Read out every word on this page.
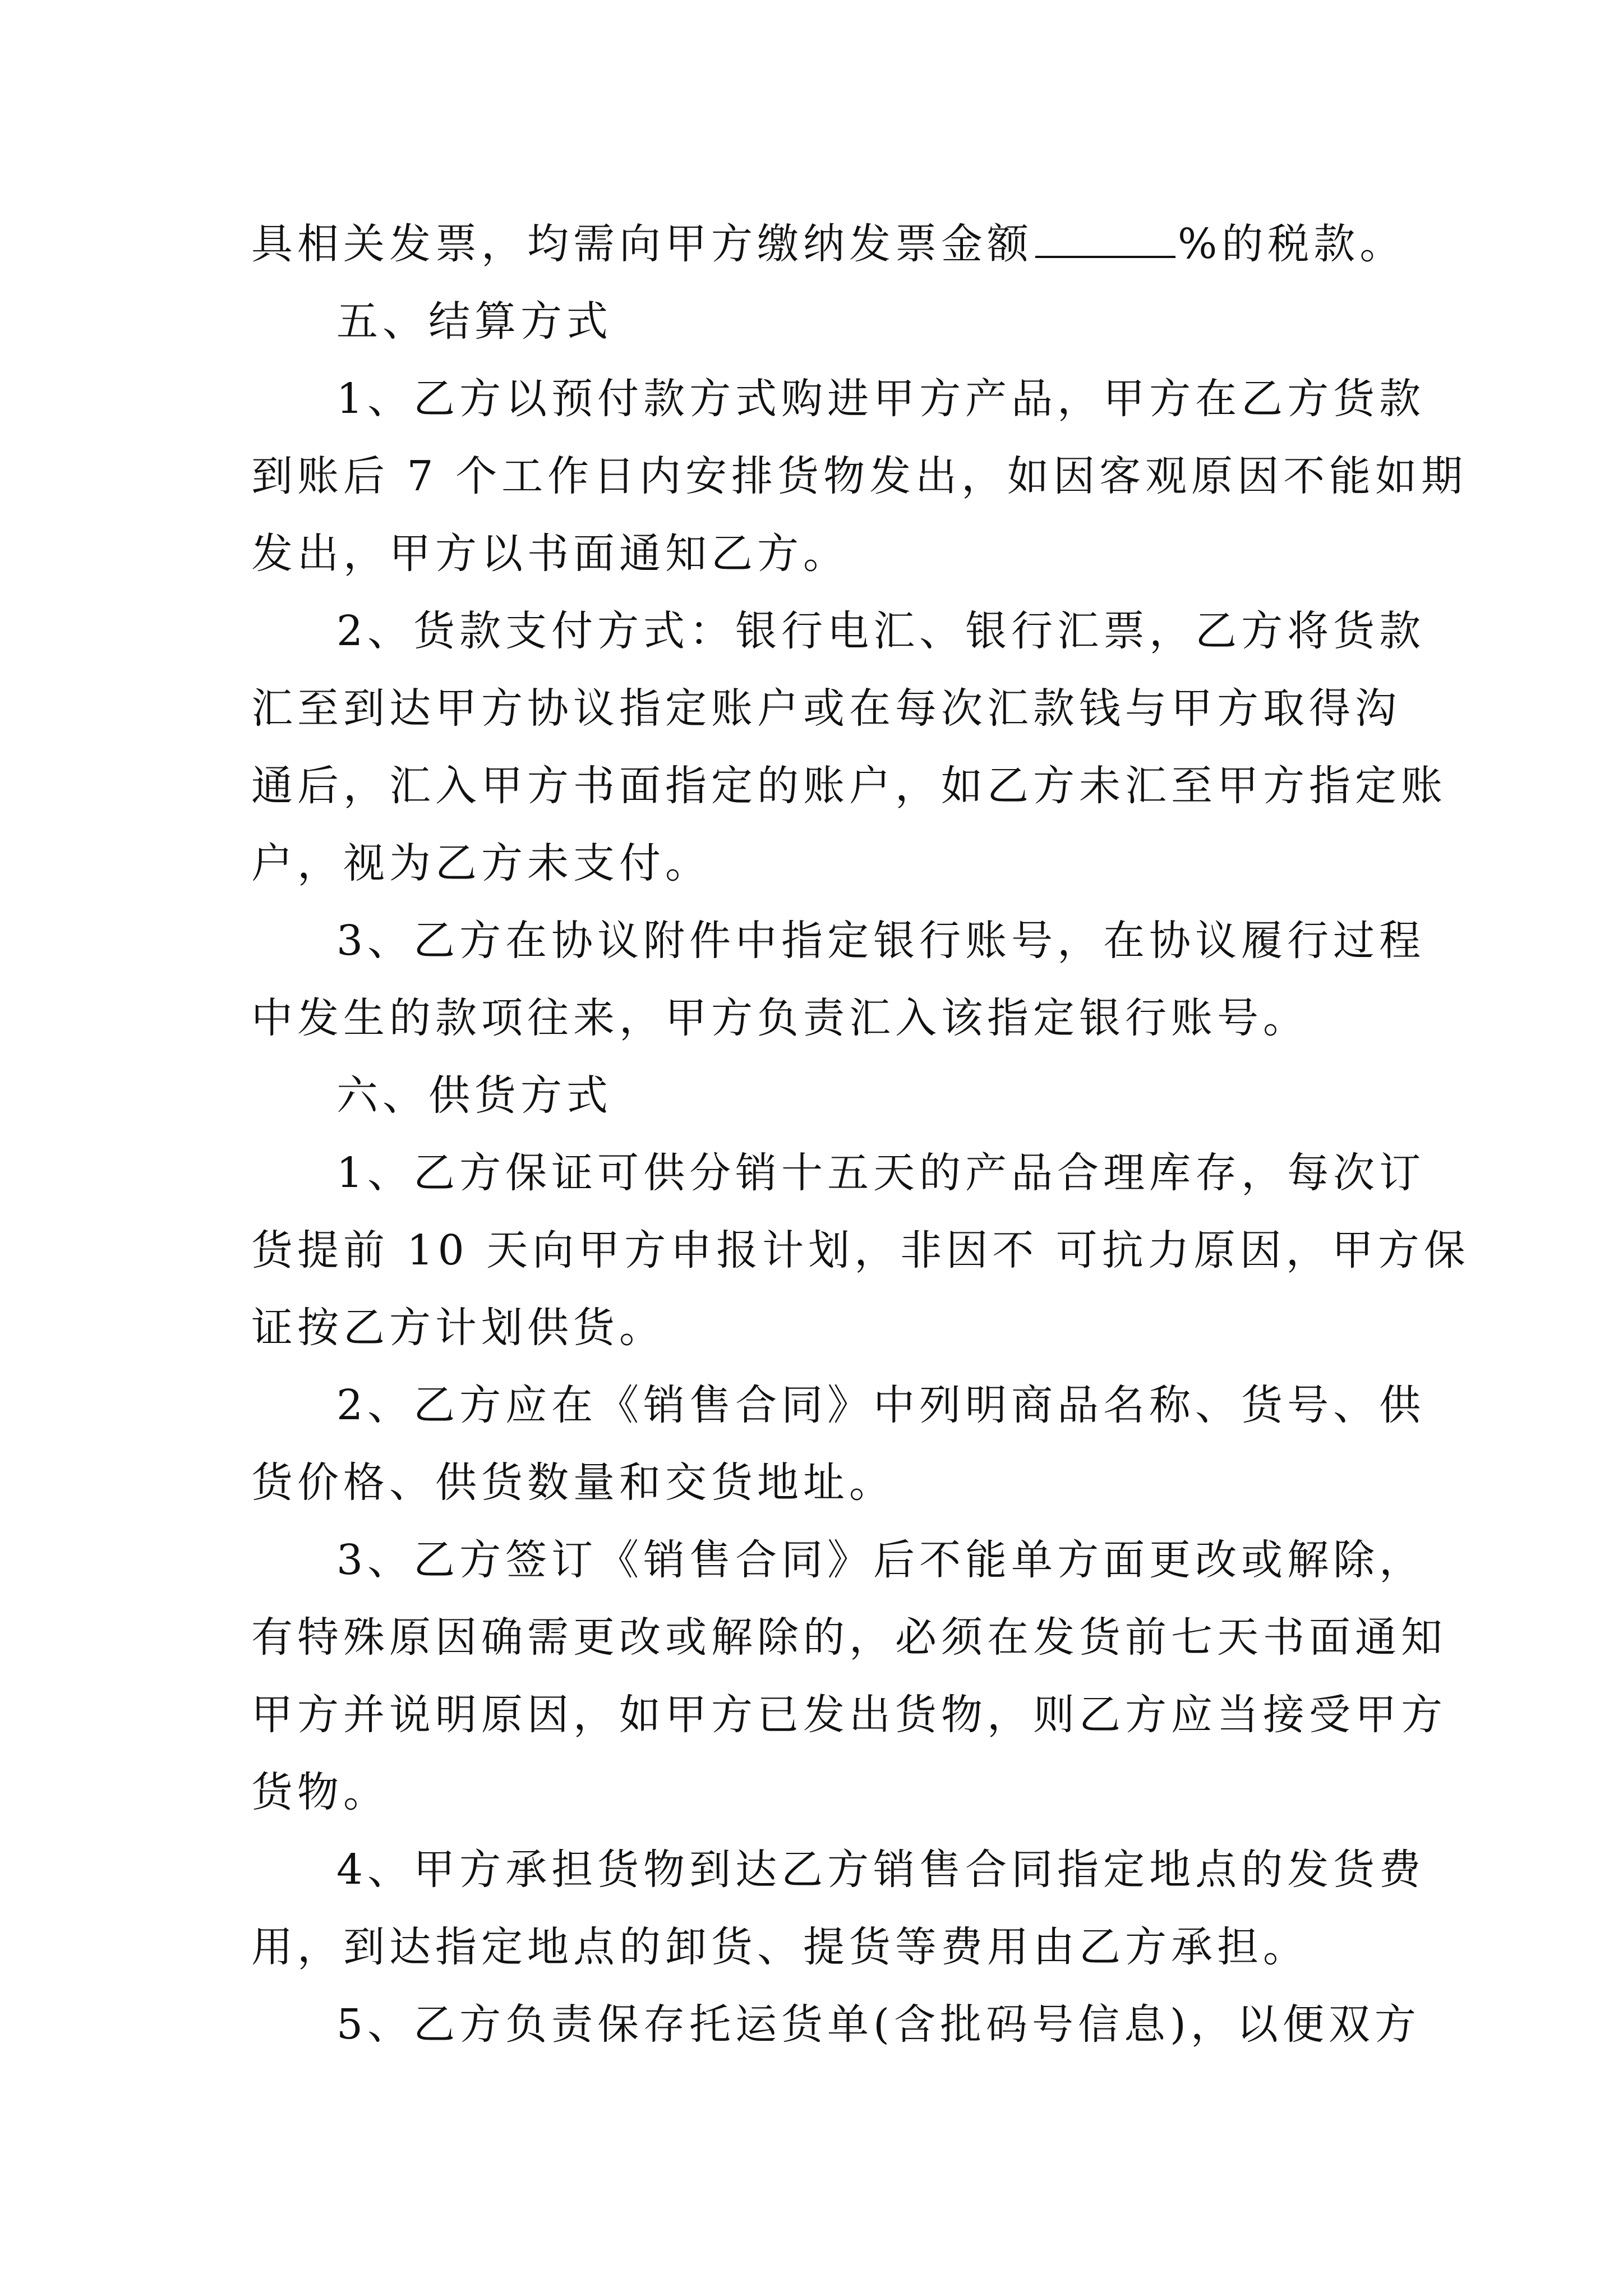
具相关发票，均需向甲方缴纳发票金额	%的税款。
五、结算方式
1、乙方以预付款方式购进甲方产品，甲方在乙方货款
到账后 7 个工作日内安排货物发出，如因客观原因不能如期
发出，甲方以书面通知乙方。
2、货款支付方式：银行电汇、银行汇票，乙方将货款
汇至到达甲方协议指定账户或在每次汇款钱与甲方取得沟
通后，汇入甲方书面指定的账户，如乙方未汇至甲方指定账
户，视为乙方未支付。
3、乙方在协议附件中指定银行账号，在协议履行过程
中发生的款项往来，甲方负责汇入该指定银行账号。
六、供货方式
1、乙方保证可供分销十五天的产品合理库存，每次订
货提前 10 天向甲方申报计划，非因不 可抗力原因，甲方保
证按乙方计划供货。
2、乙方应在《销售合同》中列明商品名称、货号、供
货价格、供货数量和交货地址。
3、乙方签订《销售合同》后不能单方面更改或解除，
有特殊原因确需更改或解除的，必须在发货前七天书面通知
甲方并说明原因，如甲方已发出货物，则乙方应当接受甲方
货物。
4、甲方承担货物到达乙方销售合同指定地点的发货费
用，到达指定地点的卸货、提货等费用由乙方承担。
5、乙方负责保存托运货单(含批码号信息)，以便双方
